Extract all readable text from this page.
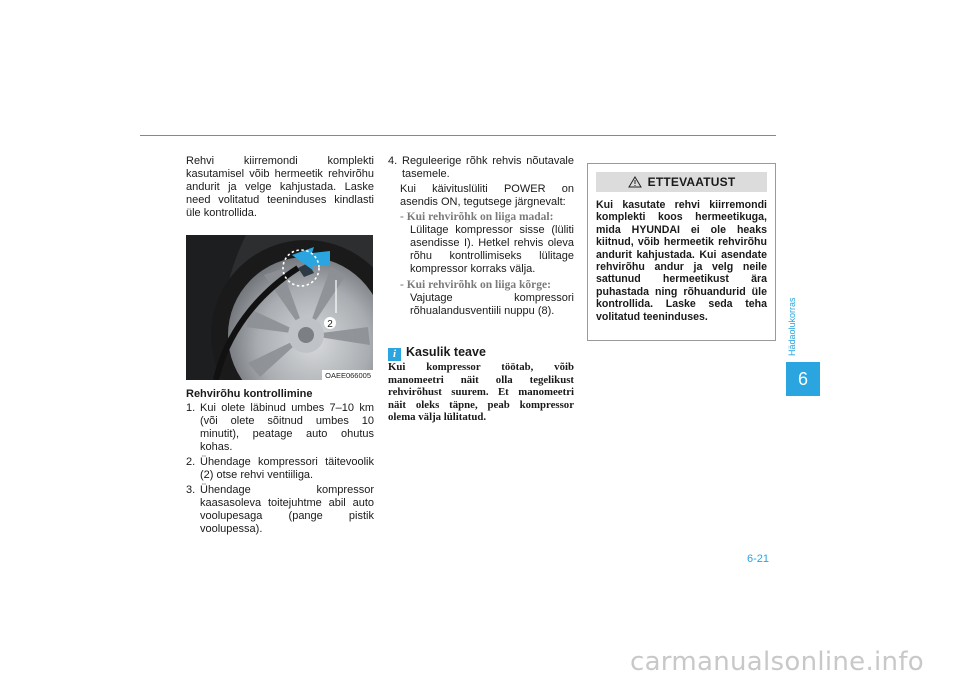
Rehvi kiirremondi komplekti kasutamisel võib hermeetik rehvirõhu andurit ja velge kahjustada. Laske need volitatud teeninduses kindlasti üle kontrollida.
2
OAEE066005
Rehvirõhu kontrollimine
1. Kui olete läbinud umbes 7–10 km (või olete sõitnud umbes 10 minutit), peatage auto ohutus kohas.
2. Ühendage kompressori täitevoolik (2) otse rehvi ventiiliga.
3. Ühendage kompressor kaasasoleva toitejuhtme abil auto voolupesaga (pange pistik voolupessa).
4. Reguleerige rõhk rehvis nõutavale tasemele.
Kui käivituslüliti POWER on asendis ON, tegutsege järgnevalt:
- Kui rehvirõhk on liiga madal:
Lülitage kompressor sisse (lüliti asendisse I). Hetkel rehvis oleva rõhu kontrollimiseks lülitage kompressor korraks välja.
- Kui rehvirõhk on liiga kõrge:
Vajutage kompressori rõhualandusventiili nuppu (8).
i Kasulik teave
Kui kompressor töötab, võib manomeetri näit olla tegelikust rehvirõhust suurem. Et manomeetri näit oleks täpne, peab kompressor olema välja lülitatud.
ETTEVAATUST
Kui kasutate rehvi kiirremondi komplekti koos hermeetikuga, mida HYUNDAI ei ole heaks kiitnud, võib hermeetik rehvirõhu andurit kahjustada. Kui asendate rehvirõhu andur ja velg neile sattunud hermeetikust ära puhastada ning rõhuandurid üle kontrollida. Laske seda teha volitatud teeninduses.	Hädaolukorras
6
6-21
carmanualsonline.info
